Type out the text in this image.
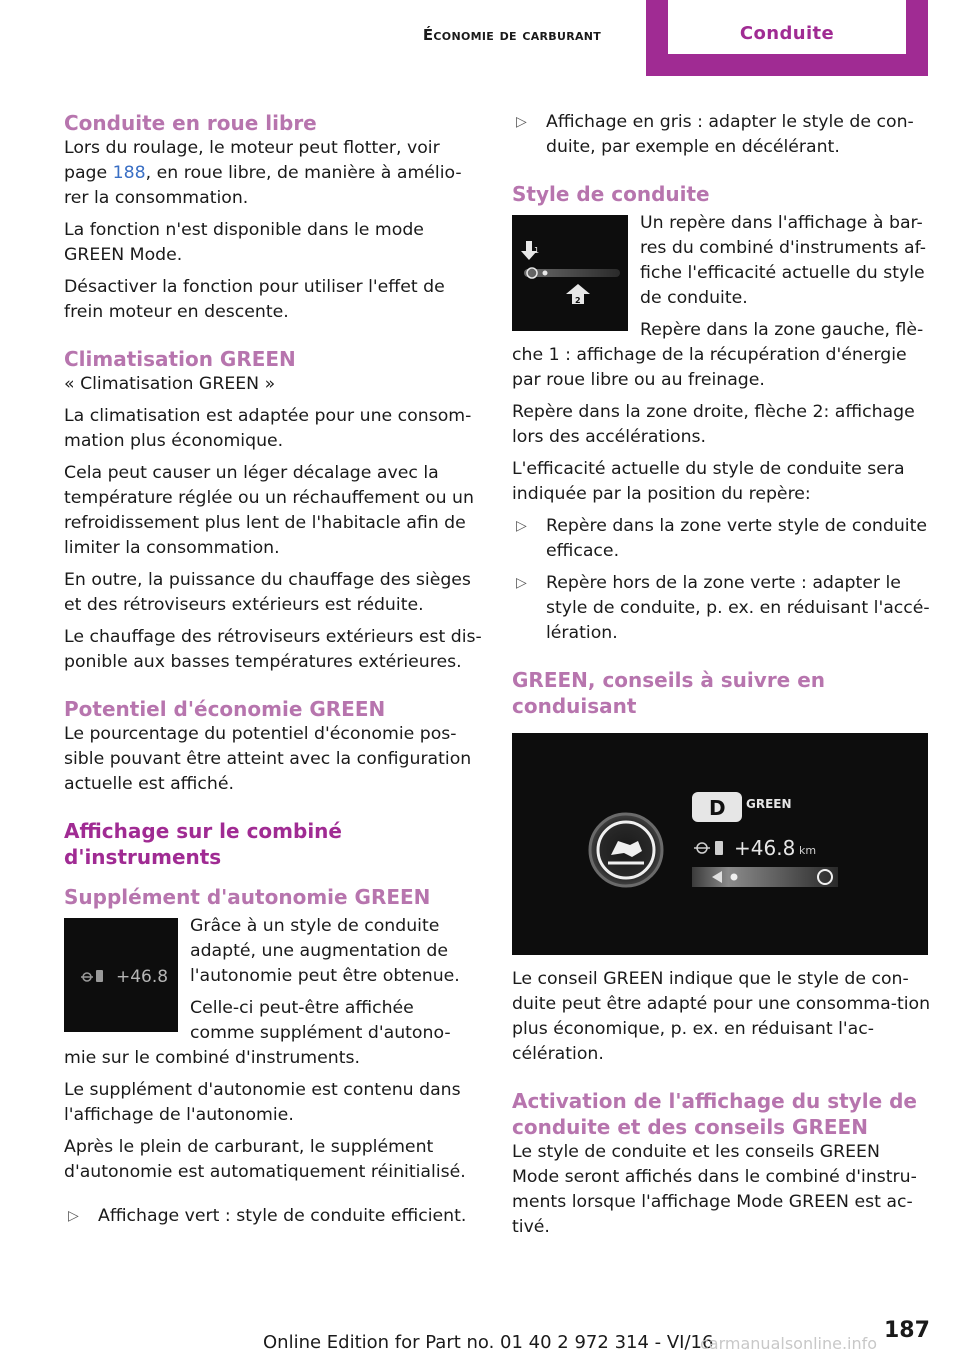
Économie de carburant	Conduite
Conduite en roue libre

Lors du roulage, le moteur peut flotter, voir page 188, en roue libre, de manière à amélio-rer la consommation.

La fonction n'est disponible dans le mode GREEN Mode.

Désactiver la fonction pour utiliser l'effet de frein moteur en descente.

Climatisation GREEN

« Climatisation GREEN »

La climatisation est adaptée pour une consom-mation plus économique.

Cela peut causer un léger décalage avec la température réglée ou un réchauffement ou un refroidissement plus lent de l'habitacle afin de limiter la consommation.

En outre, la puissance du chauffage des sièges et des rétroviseurs extérieurs est réduite.

Le chauffage des rétroviseurs extérieurs est dis-ponible aux basses températures extérieures.

Potentiel d'économie GREEN

Le pourcentage du potentiel d'économie pos-sible pouvant être atteint avec la configuration actuelle est affiché.

Affichage sur le combiné d'instruments
Supplément d'autonomie GREEN
+46.8

Grâce à un style de conduite adapté, une augmentation de l'autonomie peut être obtenue.

Celle-ci peut-être affichée comme supplément d'autono-mie sur le combiné d'instruments.

Le supplément d'autonomie est contenu dans l'affichage de l'autonomie.

Après le plein de carburant, le supplément d'autonomie est automatiquement réinitialisé.

▷	Affichage vert : style de conduite efficient.
▷	Affichage en gris : adapter le style de con-duite, par exemple en décélérant.
Style de conduite
1
2

Un repère dans l'affichage à bar-res du combiné d'instruments af-fiche l'efficacité actuelle du style de conduite.

Repère dans la zone gauche, flè-che 1 : affichage de la récupération d'énergie par roue libre ou au freinage.

Repère dans la zone droite, flèche 2: affichage lors des accélérations.

L'efficacité actuelle du style de conduite sera indiquée par la position du repère:

▷	Repère dans la zone verte style de conduite efficace.
▷	Repère hors de la zone verte : adapter le style de conduite, p. ex. en réduisant l'accé-lération.
GREEN, conseils à suivre en conduisant
D GREEN
+46.8 km

Le conseil GREEN indique que le style de con-duite peut être adapté pour une consomma-tion plus économique, p. ex. en réduisant l'ac-célération.

Activation de l'affichage du style de conduite et des conseils GREEN

Le style de conduite et les conseils GREEN Mode seront affichés dans le combiné d'instru-ments lorsque l'affichage Mode GREEN est ac-tivé.

Online Edition for Part no. 01 40 2 972 314 - VI/16
carmanualsonline.info
187
